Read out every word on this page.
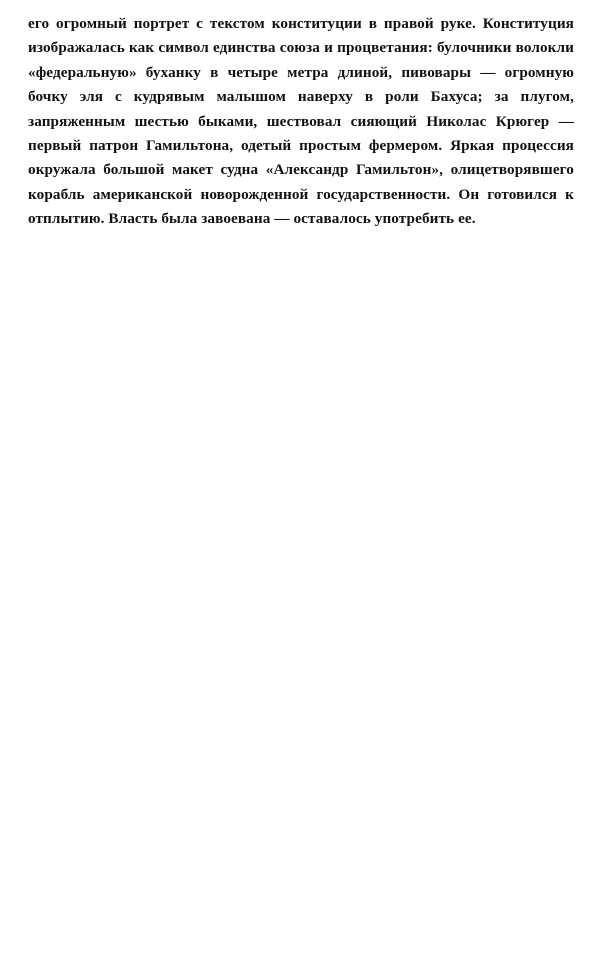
его огромный портрет с текстом конституции в правой руке. Конституция изображалась как символ единства союза и процветания: булочники волокли «федеральную» буханку в четыре метра длиной, пивовары — огромную бочку эля с кудрявым малышом наверху в роли Бахуса; за плугом, запряженным шестью быками, шествовал сияющий Николас Крюгер — первый патрон Гамильтона, одетый простым фермером. Яркая процессия окружала большой макет судна «Александр Гамильтон», олицетворявшего корабль американской новорожденной государственности. Он готовился к отплытию. Власть была завоевана — оставалось употребить ее.
